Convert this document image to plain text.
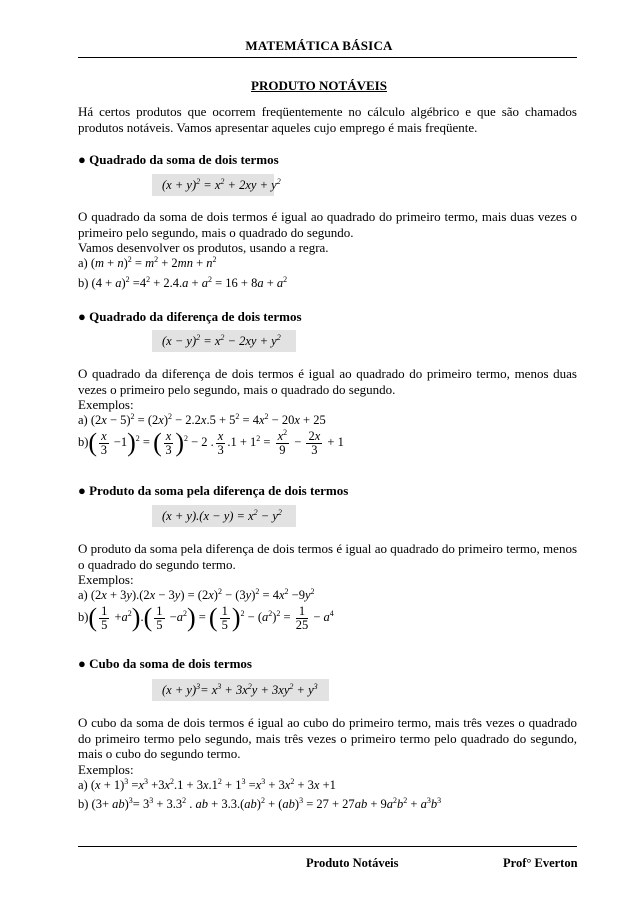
MATEMÁTICA BÁSICA
PRODUTO NOTÁVEIS
Há certos produtos que ocorrem freqüentemente no cálculo algébrico e que são chamados produtos notáveis. Vamos apresentar aqueles cujo emprego é mais freqüente.
● Quadrado da soma de dois termos
$(x + y)^2 = x^2 + 2xy + y^2$
O quadrado da soma de dois termos é igual ao quadrado do primeiro termo, mais duas vezes o primeiro pelo segundo, mais o quadrado do segundo.
Vamos desenvolver os produtos, usando a regra.
a) $(m + n)^2 = m^2 + 2mn + n^2$
b) $(4 + a)^2 =4^2 + 2.4.a + a^2 = 16 + 8a + a^2$
● Quadrado da diferença de dois termos
$(x - y)^2 = x^2 - 2xy + y^2$
O quadrado da diferença de dois termos é igual ao quadrado do primeiro termo, menos duas vezes o primeiro pelo segundo, mais o quadrado do segundo.
Exemplos:
a) $(2x - 5)^2 = (2x)^2 - 2.2x.5 + 5^2 = 4x^2 - 20x + 25$
$b)( \frac{x}{3} -1)^2$ = ( $\frac{x}{3} )^2 - 2$ . $\frac{x}{3} .1 + 1^2 = \frac{x^2}{9} - \frac{2x}{3} + 1$
● Produto da soma pela diferença de dois termos
$(x + y).(x - y) = x^2 - y^2$
O produto da soma pela diferença de dois termos é igual ao quadrado do primeiro termo, menos o quadrado do segundo termo.
Exemplos:
a) $(2x + 3y).(2x - 3y) = (2x)^2 - (3y)^2 = 4x^2 -9y^2$
$b)( \frac{1}{5} +a^2).( \frac{1}{5} -a^2)$ = ( $\frac{1}{5} )^2 - (a^2)^2 = \frac{1}{25} - a^4$
● Cubo da soma de dois termos
$(x + y)^3= x^3 + 3x^2y + 3xy^2 + y^3$
O cubo da soma de dois termos é igual ao cubo do primeiro termo, mais três vezes o quadrado do primeiro termo pelo segundo, mais três vezes o primeiro termo pelo quadrado do segundo, mais o cubo do segundo termo.
Exemplos:
a) $(x + 1)^3 =x^3 +3x^2.1 + 3x.1^2 + 1^3 =x^3 + 3x^2 + 3x +1$
b) $(3+ ab)^3= 3^3 + 3.3^2$ . ab + $3.3.(ab)^2 + (ab)^3 = 27 + 27ab + 9a^2b^2 + a^3b^3$
Produto Notáveis	Prof° Everton
